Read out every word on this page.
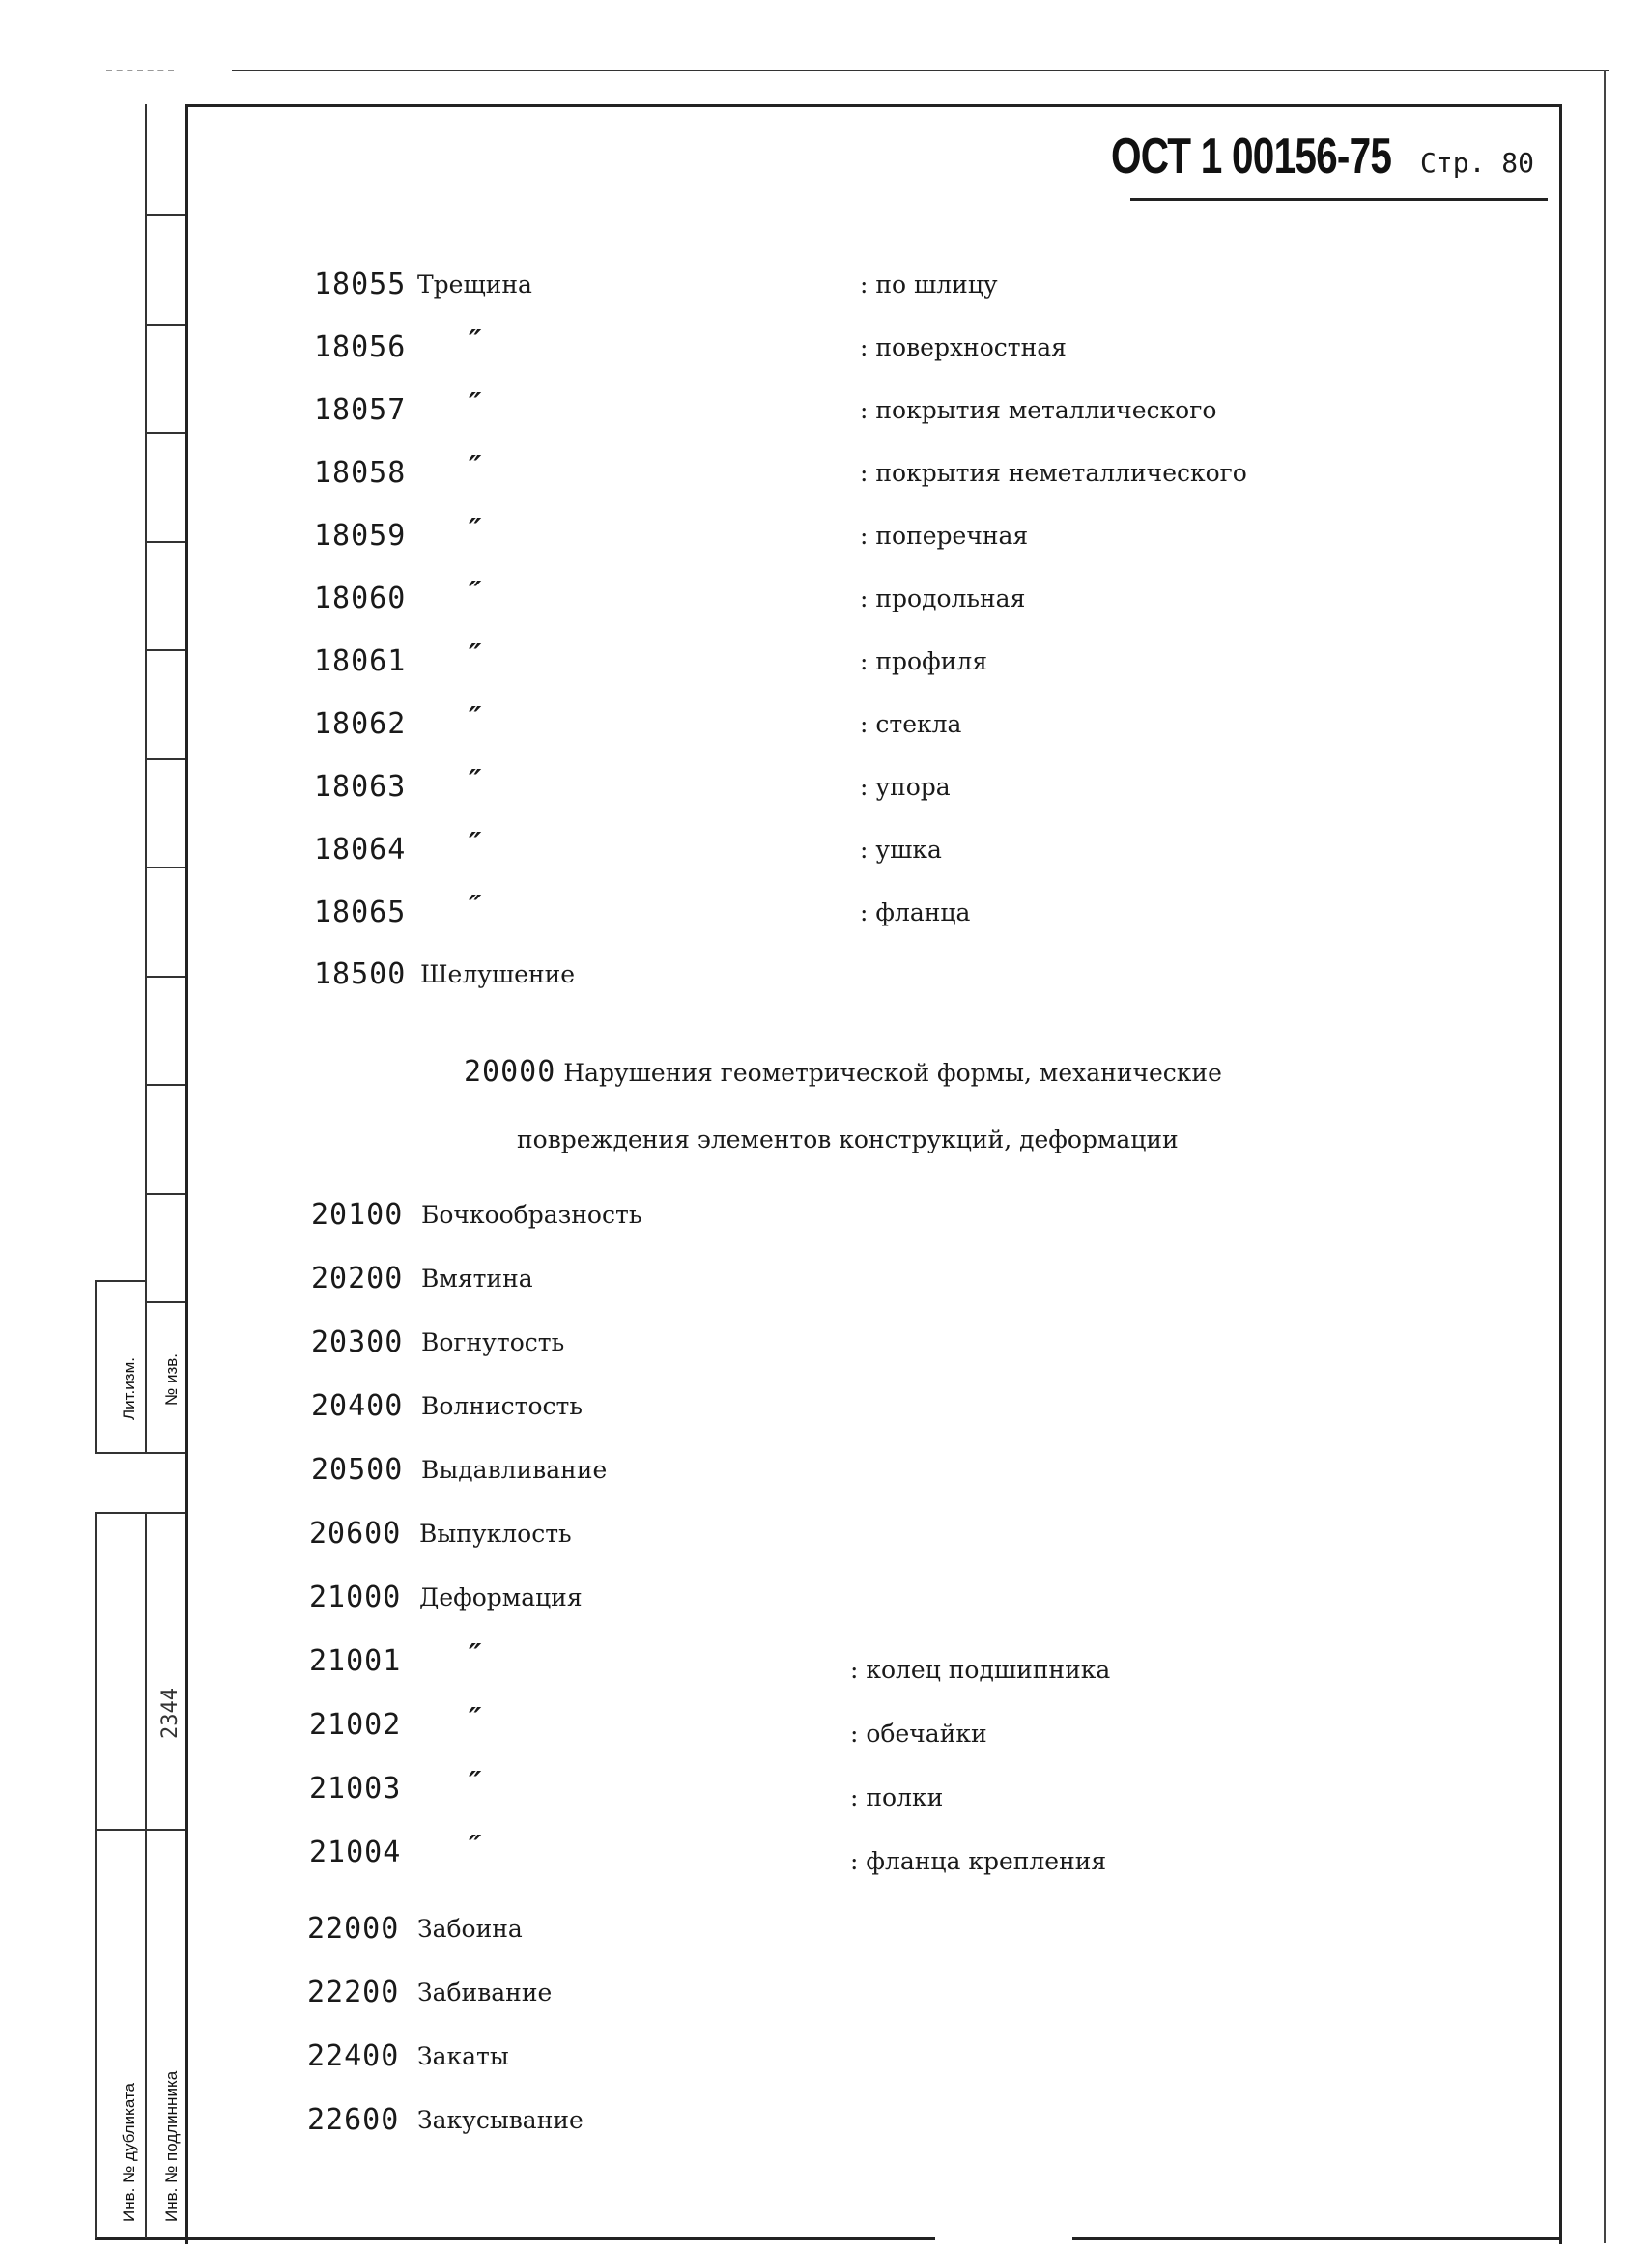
ОСТ 1 00156-75 Стр. 80
18055 Трещина	: по шлицу
18056 ″	: поверхностная
18057 ″	: покрытия металлического
18058 ″	: покрытия неметаллического
18059 ″	: поперечная
18060 ″	: продольная
18061 ″	: профиля
18062 ″	: стекла
18063 ″	: упора
18064 ″	: ушка
18065 ″	: фланца
18500 Шелушение
20000 Нарушения геометрической формы, механические
повреждения элементов конструкций, деформации
20100 Бочкообразность
20200 Вмятина
20300 Вогнутость
20400 Волнистость
20500 Выдавливание
20600 Выпуклость
21000 Деформация
21001 ″	: колец подшипника
21002 ″	: обечайки
21003 ″	: полки
21004 ″	: фланца крепления
22000 Забоина
22200 Забивание
22400 Закаты
22600 Закусывание
Лит.изм. № изв.
2344
Инв. № дубликата Инв. № подлинника
